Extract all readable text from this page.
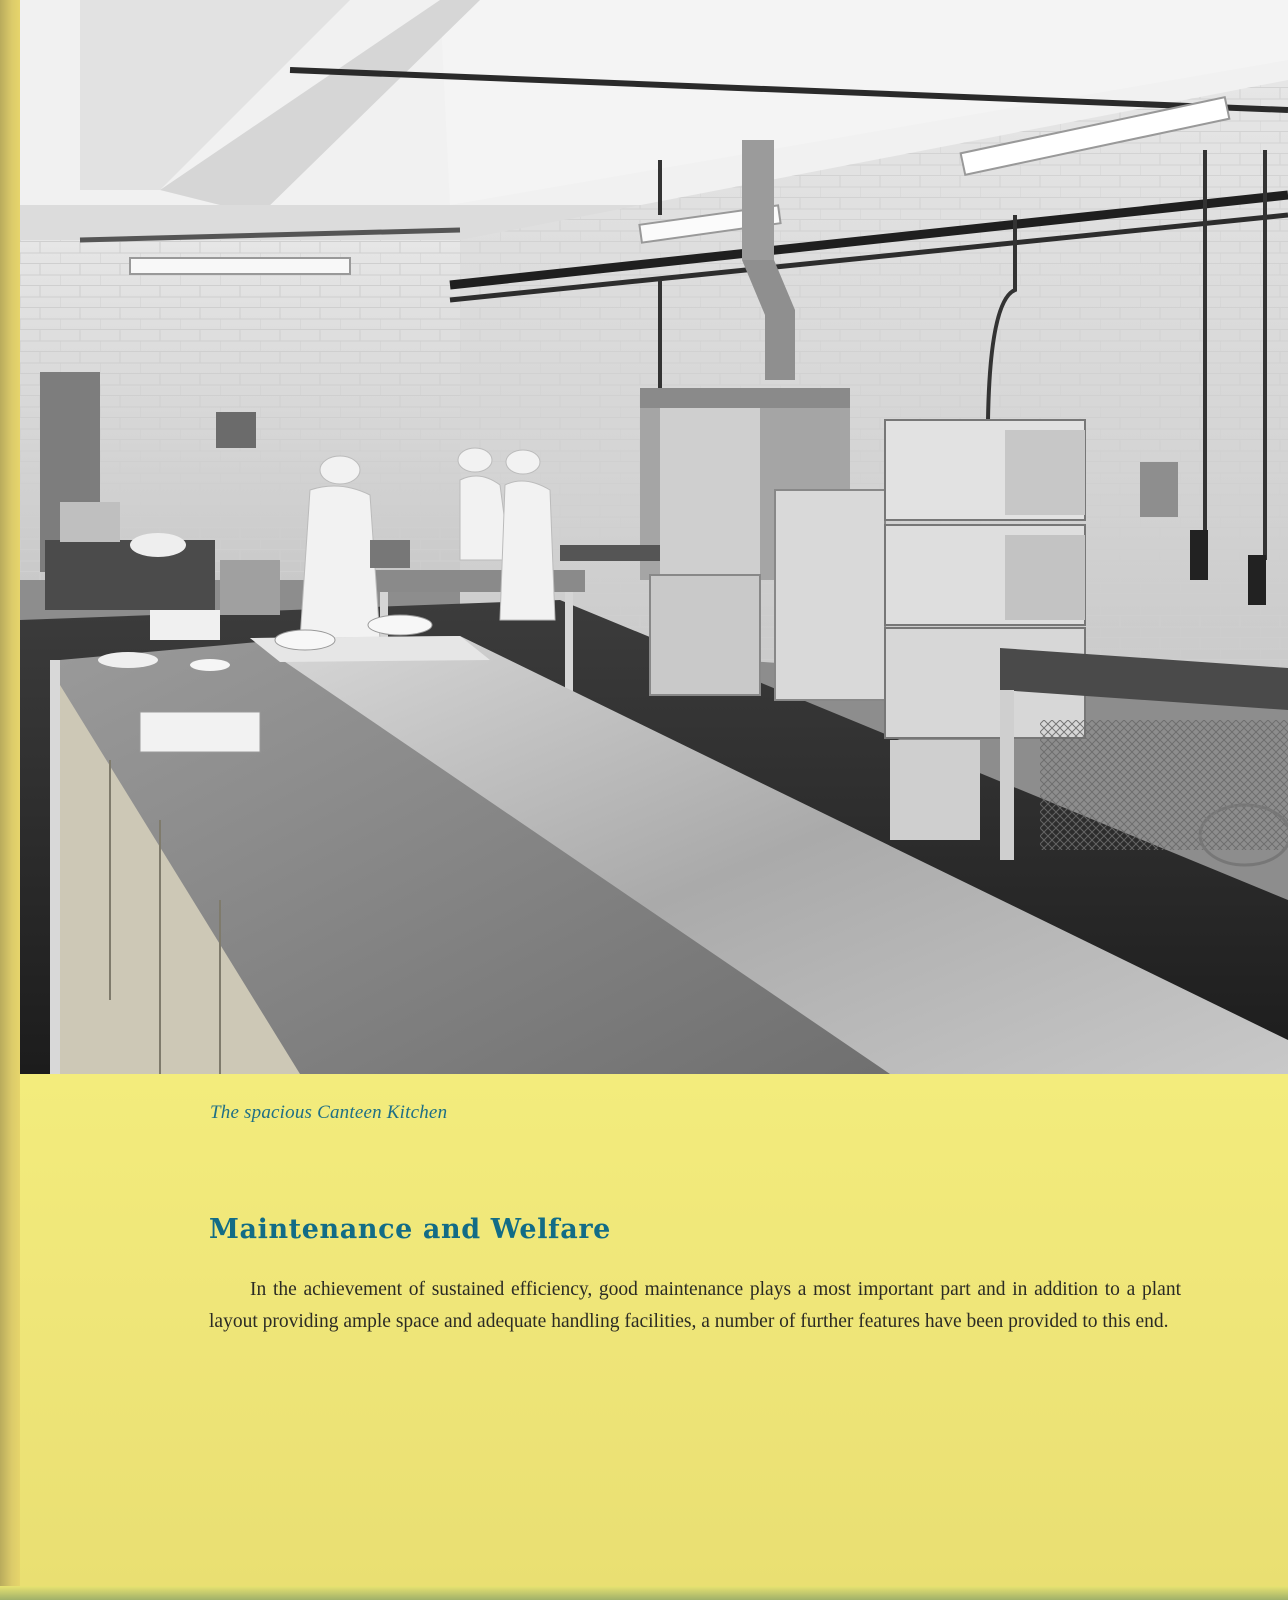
The spacious Canteen Kitchen
Maintenance and Welfare

In the achievement of sustained efficiency, good maintenance plays a most important part and in addition to a plant layout providing ample space and adequate handling facilities, a number of further features have been provided to this end.
